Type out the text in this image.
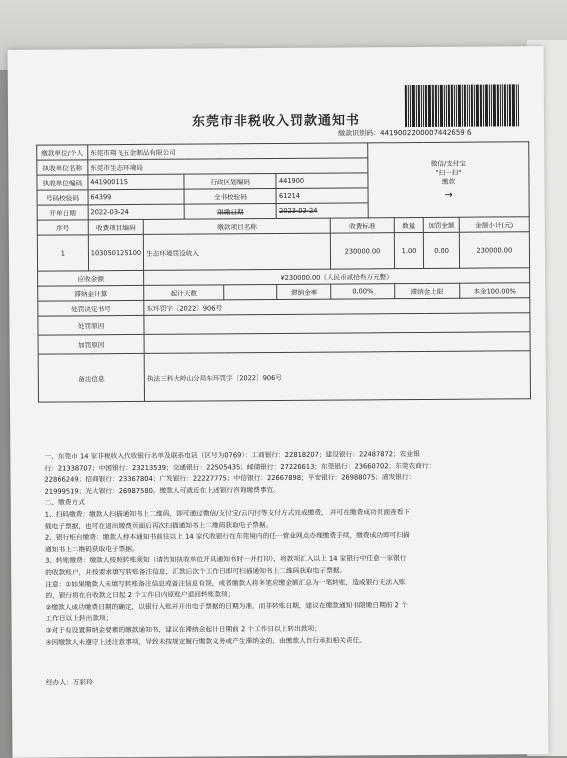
东莞市非税收入罚款通知书
缴款识别码：4419002200007442659 6
缴款单位/个人	东莞市翔飞五金制品有限公司						微信/支付宝
"扫一扫"
缴款
→			

执收单位名称	东莞市生态环境局									
执收单位编码	441900115		行政区划编码		441900					
号码校验码	64399		全书校验码		61214					
开单日期	2022-03-24		限缴日期		2023-03-24					
序号	收费项目编码	缴款项目名称				收费标准		数量	加罚金额	金额小计(元)
1	103050125100	生态环境罚没收入				230000.00		1.00	0.00	230000.00
应收金额		¥230000.00（人民币贰拾叁万元整）								
滞纳金计算		起计天数			滞纳金率	0.00%		滞纳金上限		本金100.00%
处罚决定书号		东环罚字〔2022〕906号								
处罚原因										
加罚原因										
备注信息		执法三科大岭山分局东环罚字〔2022〕906号								

一、东莞市 14 家非税收入代收银行名单及联系电话（区号为0769）：工商银行：22818207；建设银行：22487872；农业银

行：21338707；中国银行：23213539；交通银行：22505435；邮储银行：27226613；东莞银行：23660702；东莞农商行：

22866249；招商银行：23367804；广发银行：22227775；中信银行：22667898；平安银行：26988075；浦发银行：

21999519；光大银行：26987580。缴款人可就近在上述银行咨询缴费事宜。

二、缴费方式

1、扫码缴费：缴款人扫描通知书上二维码，即可通过微信/支付宝/云闪付等支付方式完成缴费， 并可在缴费成功页面查看下

载电子票据，也可在退出缴费页面后再次扫描通知书上二维码获取电子票据。

2、银行柜台缴费：缴款人持本通知书前往以上 14 家代收银行在东莞境内的任一营业网点办理缴费手续，缴费成功即可扫描

通知书上二维码获取电子票据。

3、转账缴费：缴款人按照转账须知（请告知执收单位开具通知书时一并打印），将款项汇入以上 14 家银行中任意一家银行

的收款账户，并按要求填写转账备注信息，汇款后次个工作日即可扫描通知书上二维码获取电子票据。

注意：①如果缴款人未填写转账备注信息或备注信息有误，或者缴款人将多笔应缴金额汇总为一笔转账，造成银行无法入账

的，银行将在自收款之日起 2 个工作日内原账户退回转账款项；

②缴款人成功缴费日期的确定，以银行入账并开出电子票据的日期为准，而非转账日期，建议在缴款通知书限缴日期前 2 个

工作日以上转出款项；

③对于有设置滞纳金要素的缴款通知书，建议在滞纳金起计日期前 2 个工作日以上转出款项；

④因缴款人未遵守上述注意事项，导致未按规定履行缴款义务或产生滞纳金的，由缴款人自行承担相关责任。

经办人：万彩玲
